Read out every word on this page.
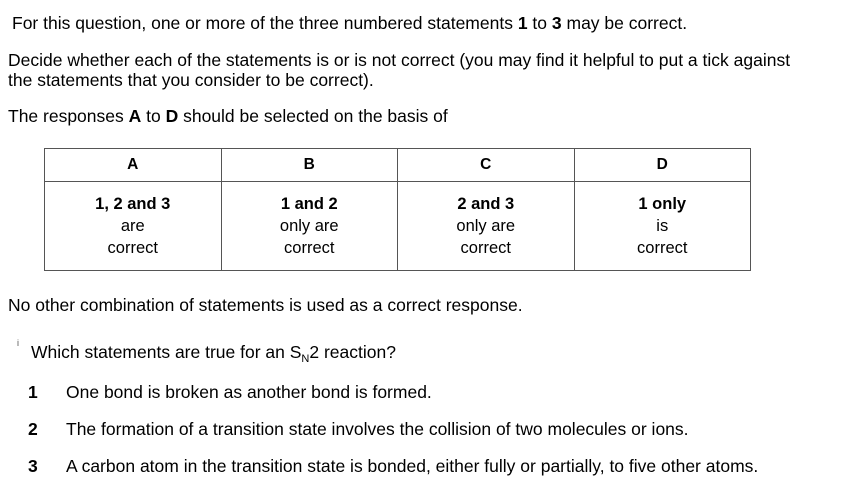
For this question, one or more of the three numbered statements 1 to 3 may be correct.
Decide whether each of the statements is or is not correct (you may find it helpful to put a tick against
the statements that you consider to be correct).
The responses A to D should be selected on the basis of
A	B	C	D

1, 2 and 3
are
correct	1 and 2
only are
correct	2 and 3
only are
correct	1 only
is
correct
No other combination of statements is used as a correct response.
i Which statements are true for an $S_N2$ reaction?
1 One bond is broken as another bond is formed.
2 The formation of a transition state involves the collision of two molecules or ions.
3 A carbon atom in the transition state is bonded, either fully or partially, to five other atoms.
